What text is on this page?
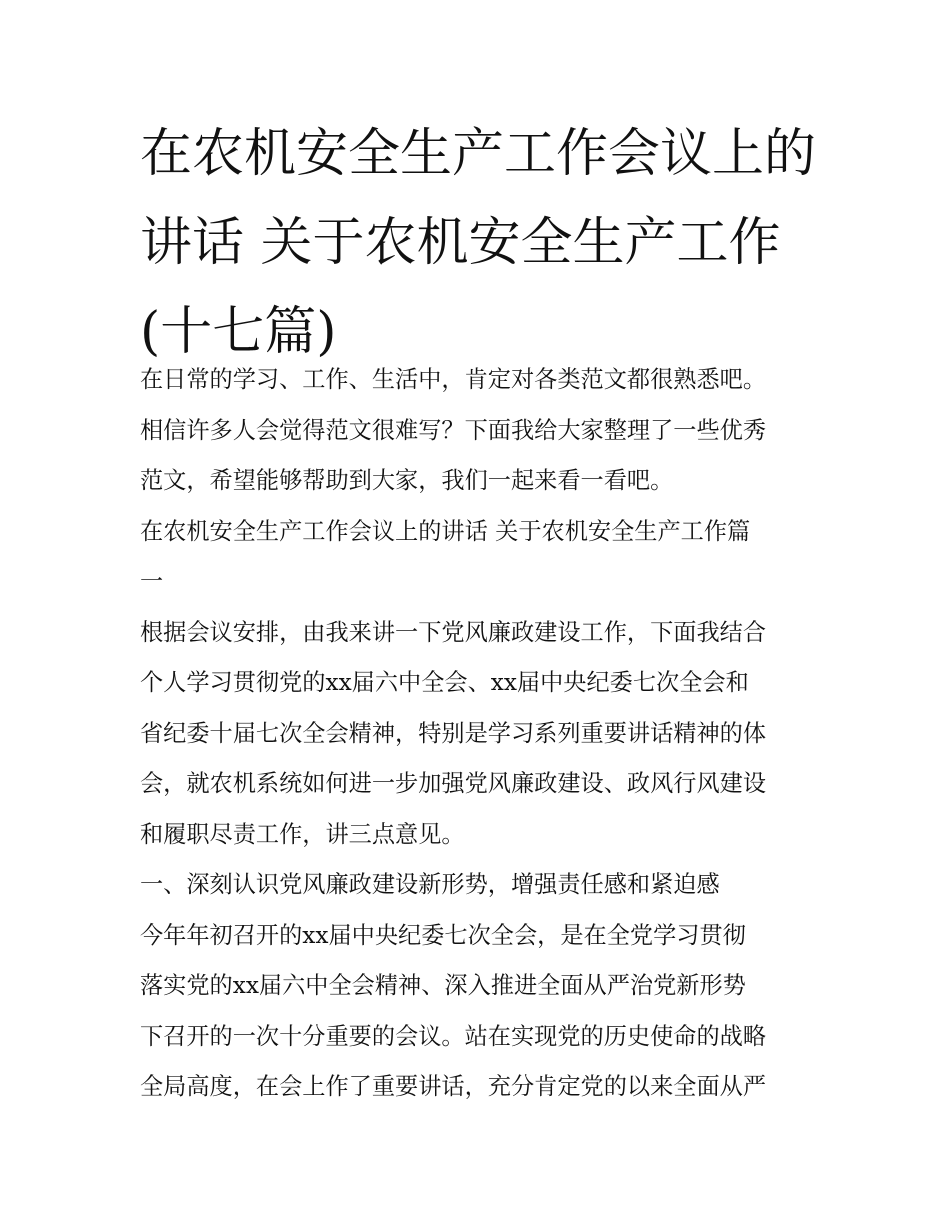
在农机安全生产工作会议上的
讲话 关于农机安全生产工作
(十七篇)
在日常的学习、工作、生活中，肯定对各类范文都很熟悉吧。
相信许多人会觉得范文很难写？下面我给大家整理了一些优秀
范文，希望能够帮助到大家，我们一起来看一看吧。
在农机安全生产工作会议上的讲话 关于农机安全生产工作篇
一
根据会议安排，由我来讲一下党风廉政建设工作，下面我结合
个人学习贯彻党的xx届六中全会、xx届中央纪委七次全会和
省纪委十届七次全会精神，特别是学习系列重要讲话精神的体
会，就农机系统如何进一步加强党风廉政建设、政风行风建设
和履职尽责工作，讲三点意见。
一、深刻认识党风廉政建设新形势，增强责任感和紧迫感
今年年初召开的xx届中央纪委七次全会，是在全党学习贯彻
落实党的xx届六中全会精神、深入推进全面从严治党新形势
下召开的一次十分重要的会议。站在实现党的历史使命的战略
全局高度，在会上作了重要讲话，充分肯定党的以来全面从严
